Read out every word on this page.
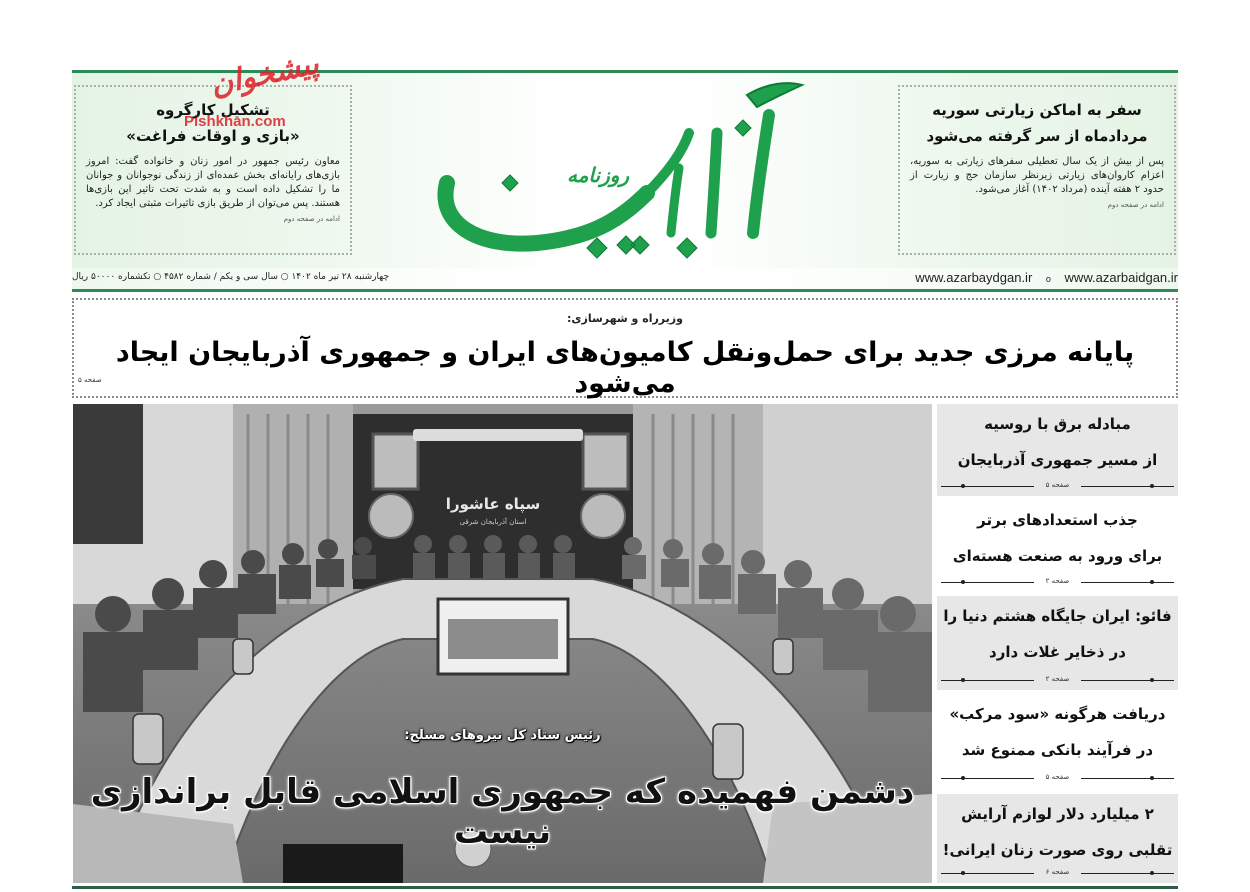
تشکیل کارگروه
«بازی و اوقات فراغت»
معاون رئیس جمهور در امور زنان و خانواده گفت: امروز بازی‌های رایانه‌ای بخش عمده‌ای از زندگی نوجوانان و جوانان ما را تشکیل داده است و به شدت تحت تاثیر این بازی‌ها هستند. پس می‌توان از طریق بازی تاثیرات مثبتی ایجاد کرد.
ادامه در صفحه دوم
پیشخوان
Pishkhan.com
روزنامه
سفر به اماکن زیارتی سوریه
مردادماه از سر گرفته می‌شود
پس از بیش از یک سال تعطیلی سفرهای زیارتی به سوریه، اعزام کاروان‌های زیارتی زیرنظر سازمان حج و زیارت از حدود ۲ هفته آینده (مرداد ۱۴۰۲) آغاز می‌شود.
ادامه در صفحه دوم
چهارشنبه ۲۸ تیر ماه ۱۴۰۲ ○ سال سی و یکم / شماره ۴۵۸۲ ○ تکشماره ۵۰۰۰۰ ریال	www.azarbaydgan.ir o www.azarbaidgan.ir
وزیرراه و شهرسازی:
پایانه مرزی جدید برای حمل‌ونقل کامیون‌های ایران و جمهوری آذربایجان ایجاد می‌شود
صفحه ۵
سپاه عاشورا
استان آذربایجان شرقی
رئیس ستاد کل نیروهای مسلح:
دشمن فهمیده که جمهوری اسلامی قابل براندازی نیست
مبادله برق با روسیه
از مسیر جمهوری آذربایجان
صفحه ۵
جذب استعدادهای برتر
برای ورود به صنعت هسته‌ای
صفحه ۲
فائو: ایران جایگاه هشتم دنیا را
در ذخایر غلات دارد
صفحه ۲
دریافت هرگونه «سود مرکب»
در فرآیند بانکی ممنوع شد
صفحه ۵
۲ میلیارد دلار لوازم آرایش
تقلبی روی صورت زنان ایرانی!
صفحه ۶
